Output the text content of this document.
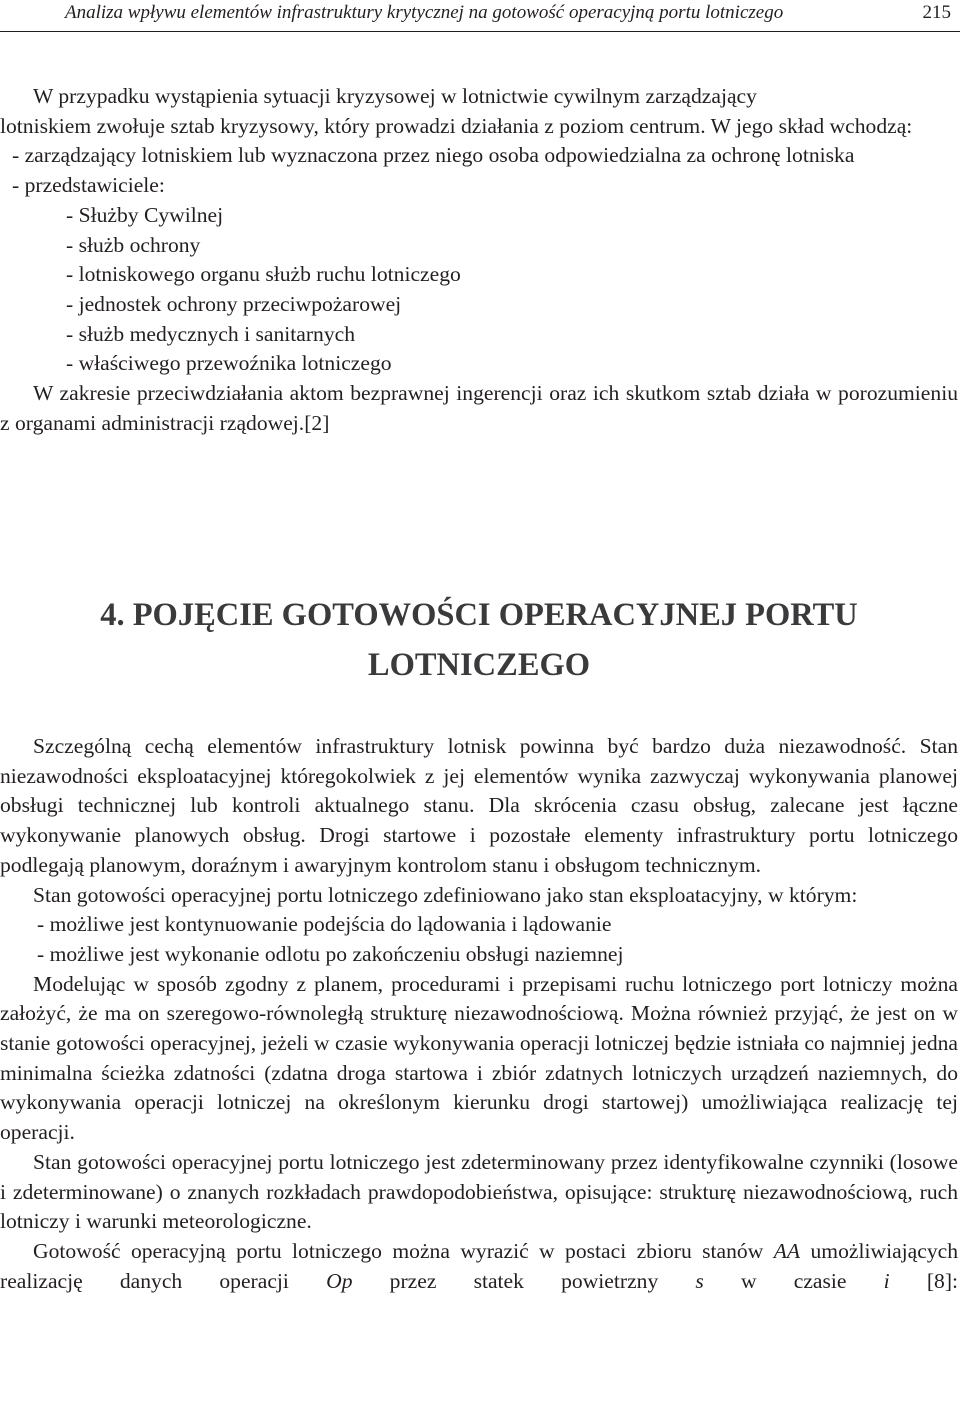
Analiza wpływu elementów infrastruktury krytycznej na gotowość operacyjną portu lotniczego	215

W przypadku wystąpienia sytuacji kryzysowej w lotnictwie cywilnym zarządzający

lotniskiem zwołuje sztab kryzysowy, który prowadzi działania z poziom centrum. W jego skład wchodzą:

- zarządzający lotniskiem lub wyznaczona przez niego osoba odpowiedzialna za ochronę lotniska

- przedstawiciele:

- Służby Cywilnej

- służb ochrony

- lotniskowego organu służb ruchu lotniczego

- jednostek ochrony przeciwpożarowej

- służb medycznych i sanitarnych

- właściwego przewoźnika lotniczego

W zakresie przeciwdziałania aktom bezprawnej ingerencji oraz ich skutkom sztab działa w porozumieniu z organami administracji rządowej.[2]

4. POJĘCIE GOTOWOŚCI OPERACYJNEJ PORTU
LOTNICZEGO

Szczególną cechą elementów infrastruktury lotnisk powinna być bardzo duża niezawodność. Stan niezawodności eksploatacyjnej któregokolwiek z jej elementów wynika zazwyczaj wykonywania planowej obsługi technicznej lub kontroli aktualnego stanu. Dla skrócenia czasu obsług, zalecane jest łączne wykonywanie planowych obsług. Drogi startowe i pozostałe elementy infrastruktury portu lotniczego podlegają planowym, doraźnym i awaryjnym kontrolom stanu i obsługom technicznym.

Stan gotowości operacyjnej portu lotniczego zdefiniowano jako stan eksploatacyjny, w którym:

- możliwe jest kontynuowanie podejścia do lądowania i lądowanie

- możliwe jest wykonanie odlotu po zakończeniu obsługi naziemnej

Modelując w sposób zgodny z planem, procedurami i przepisami ruchu lotniczego port lotniczy można założyć, że ma on szeregowo-równoległą strukturę niezawodnościową. Można również przyjąć, że jest on w stanie gotowości operacyjnej, jeżeli w czasie wykonywania operacji lotniczej będzie istniała co najmniej jedna minimalna ścieżka zdatności (zdatna droga startowa i zbiór zdatnych lotniczych urządzeń naziemnych, do wykonywania operacji lotniczej na określonym kierunku drogi startowej) umożliwiająca realizację tej operacji.

Stan gotowości operacyjnej portu lotniczego jest zdeterminowany przez identyfikowalne czynniki (losowe i zdeterminowane) o znanych rozkładach prawdopodobieństwa, opisujące: strukturę niezawodnościową, ruch lotniczy i warunki meteorologiczne.

Gotowość operacyjną portu lotniczego można wyrazić w postaci zbioru stanów AA umożliwiających realizację danych operacji Op przez statek powietrzny s w czasie i [8]:
